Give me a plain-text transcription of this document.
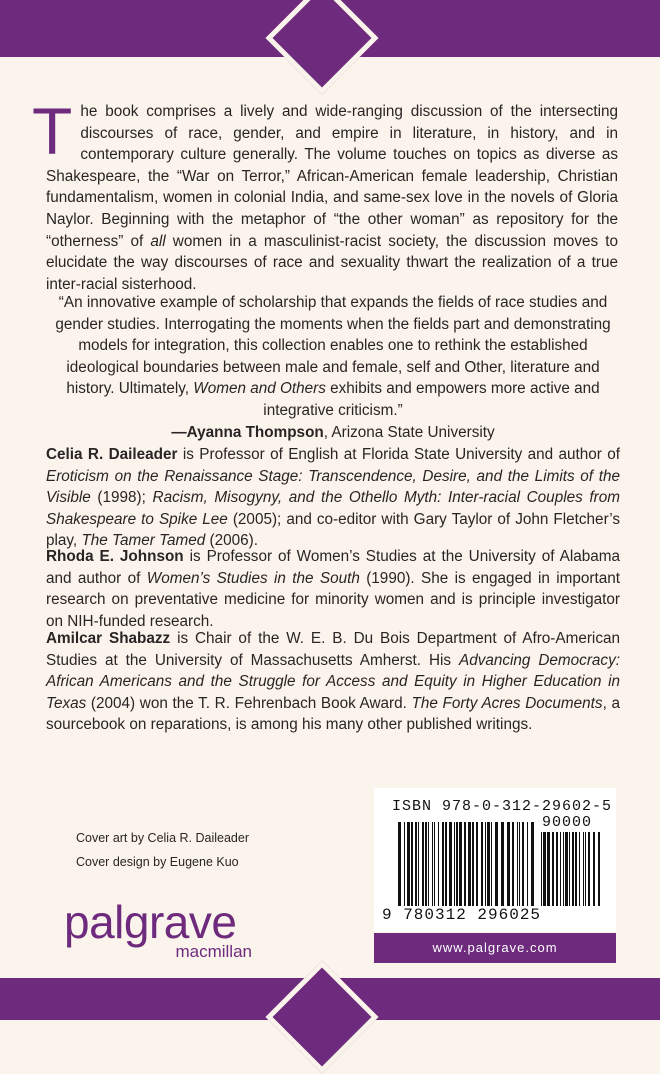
The book comprises a lively and wide-ranging discussion of the intersecting discourses of race, gender, and empire in literature, in history, and in contemporary culture generally. The volume touches on topics as diverse as Shakespeare, the “War on Terror,” African-American female leadership, Christian fundamentalism, women in colonial India, and same-sex love in the novels of Gloria Naylor. Beginning with the metaphor of “the other woman” as repository for the “otherness” of all women in a masculinist-racist society, the discussion moves to elucidate the way discourses of race and sexuality thwart the realization of a true inter-racial sisterhood.

“An innovative example of scholarship that expands the fields of race studies and gender studies. Interrogating the moments when the fields part and demonstrating models for integration, this collection enables one to rethink the established ideological boundaries between male and female, self and Other, literature and history. Ultimately, Women and Others exhibits and empowers more active and integrative criticism.”
—Ayanna Thompson, Arizona State University

Celia R. Daileader is Professor of English at Florida State University and author of Eroticism on the Renaissance Stage: Transcendence, Desire, and the Limits of the Visible (1998); Racism, Misogyny, and the Othello Myth: Inter-racial Couples from Shakespeare to Spike Lee (2005); and co-editor with Gary Taylor of John Fletcher’s play, The Tamer Tamed (2006).

Rhoda E. Johnson is Professor of Women’s Studies at the University of Alabama and author of Women’s Studies in the South (1990). She is engaged in important research on preventative medicine for minority women and is principle investigator on NIH-funded research.

Amilcar Shabazz is Chair of the W. E. B. Du Bois Department of Afro-American Studies at the University of Massachusetts Amherst. His Advancing Democracy: African Americans and the Struggle for Access and Equity in Higher Education in Texas (2004) won the T. R. Fehrenbach Book Award. The Forty Acres Documents, a sourcebook on reparations, is among his many other published writings.

Cover art by Celia R. Daileader
Cover design by Eugene Kuo
palgrave
macmillan
ISBN 978-0-312-29602-5
90000
9 780312 296025
www.palgrave.com
